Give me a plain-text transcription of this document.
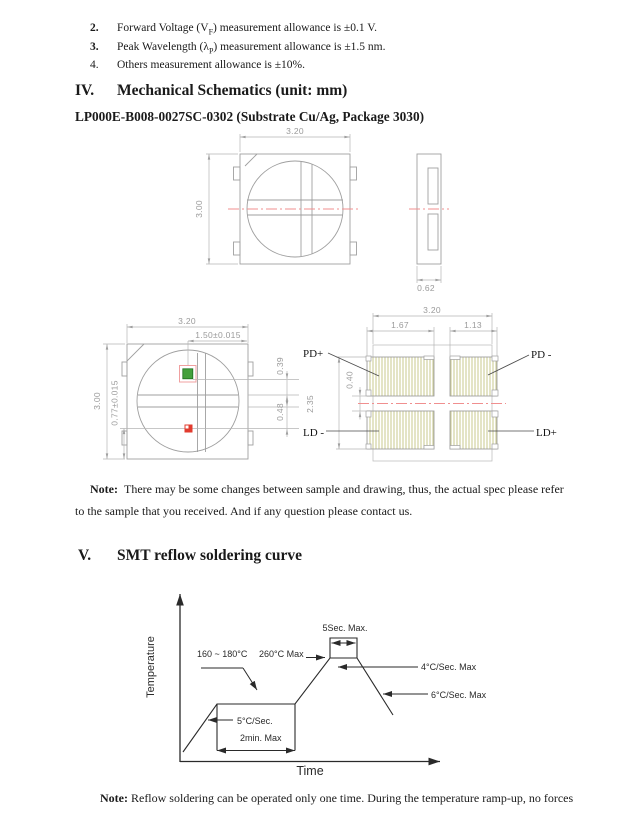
2. Forward Voltage $(V_F)$ measurement allowance is ±0.1 V.
3. Peak Wavelength $(\lambda_P)$ measurement allowance is ±1.5 nm.
4. Others measurement allowance is ±10%.
IV. Mechanical Schematics (unit: mm)
LP000E-B008-0027SC-0302 (Substrate Cu/Ag, Package 3030)
3.20
3.00
0.62
3.20
1.50±0.015
3.00 0.77±0.015
0.39
0.48
3.20
1.67	1.13
2.35
0.40
PD+	PD -
LD -	LD+
Note: There may be some changes between sample and drawing, thus, the actual spec please refer
to the sample that you received. And if any question please contact us.
V. SMT reflow soldering curve
Temperature
Time
160 ~ 180°C 260°C Max
5Sec. Max.
4°C/Sec. Max
6°C/Sec. Max
5°C/Sec.
2min. Max
Note: Reflow soldering can be operated only one time. During the temperature ramp-up, no forces
